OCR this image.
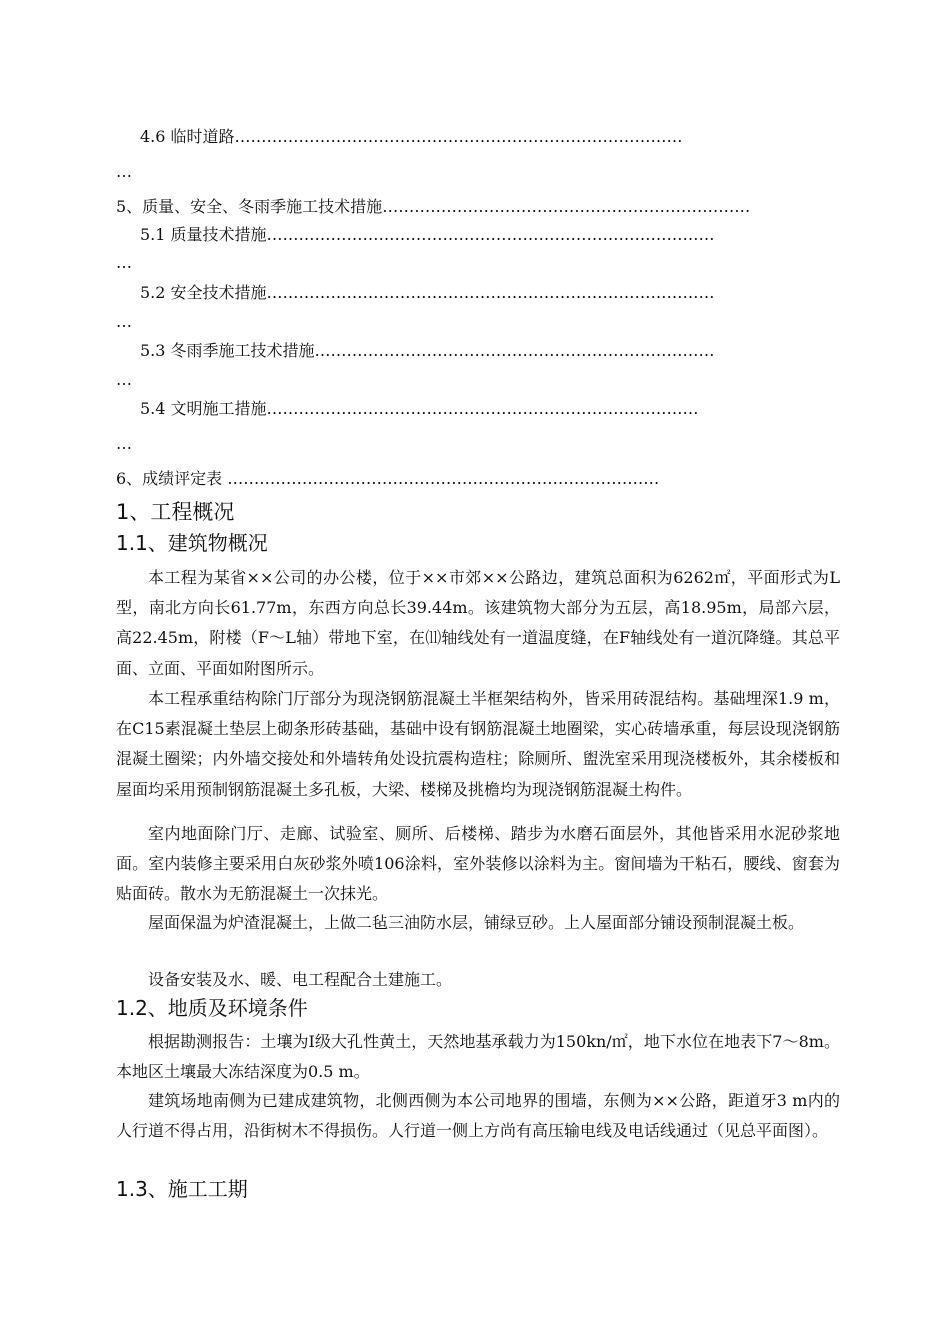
4.6 临时道路…………………………………………………………………………
…
5、质量、安全、冬雨季施工技术措施……………………………………………………………
5.1 质量技术措施…………………………………………………………………………
…
5.2 安全技术措施…………………………………………………………………………
…
5.3 冬雨季施工技术措施…………………………………………………………………
…
5.4 文明施工措施………………………………………………………………………
…
6、成绩评定表 ………………………………………………………………………
1、工程概况
1.1、建筑物概况
本工程为某省××公司的办公楼，位于××市郊××公路边，建筑总面积为6262㎡，平面形式为L型，南北方向长61.77m，东西方向总长39.44m。该建筑物大部分为五层，高18.95m，局部六层，高22.45m，附楼（F～L轴）带地下室，在⑾轴线处有一道温度缝，在F轴线处有一道沉降缝。其总平面、立面、平面如附图所示。
本工程承重结构除门厅部分为现浇钢筋混凝土半框架结构外，皆采用砖混结构。基础埋深1.9 m，在C15素混凝土垫层上砌条形砖基础，基础中设有钢筋混凝土地圈梁，实心砖墙承重，每层设现浇钢筋混凝土圈梁；内外墙交接处和外墙转角处设抗震构造柱；除厕所、盥洗室采用现浇楼板外，其余楼板和屋面均采用预制钢筋混凝土多孔板，大梁、楼梯及挑檐均为现浇钢筋混凝土构件。
室内地面除门厅、走廊、试验室、厕所、后楼梯、踏步为水磨石面层外，其他皆采用水泥砂浆地面。室内装修主要采用白灰砂浆外喷106涂料，室外装修以涂料为主。窗间墙为干粘石，腰线、窗套为贴面砖。散水为无筋混凝土一次抹光。
屋面保温为炉渣混凝土，上做二毡三油防水层，铺绿豆砂。上人屋面部分铺设预制混凝土板。
设备安装及水、暖、电工程配合土建施工。
1.2、地质及环境条件
根据勘测报告：土壤为Ⅰ级大孔性黄土，天然地基承载力为150kn/㎡，地下水位在地表下7～8m。本地区土壤最大冻结深度为0.5 m。
建筑场地南侧为已建成建筑物，北侧西侧为本公司地界的围墙，东侧为××公路，距道牙3 m内的人行道不得占用，沿街树木不得损伤。人行道一侧上方尚有高压输电线及电话线通过（见总平面图）。
1.3、施工工期
